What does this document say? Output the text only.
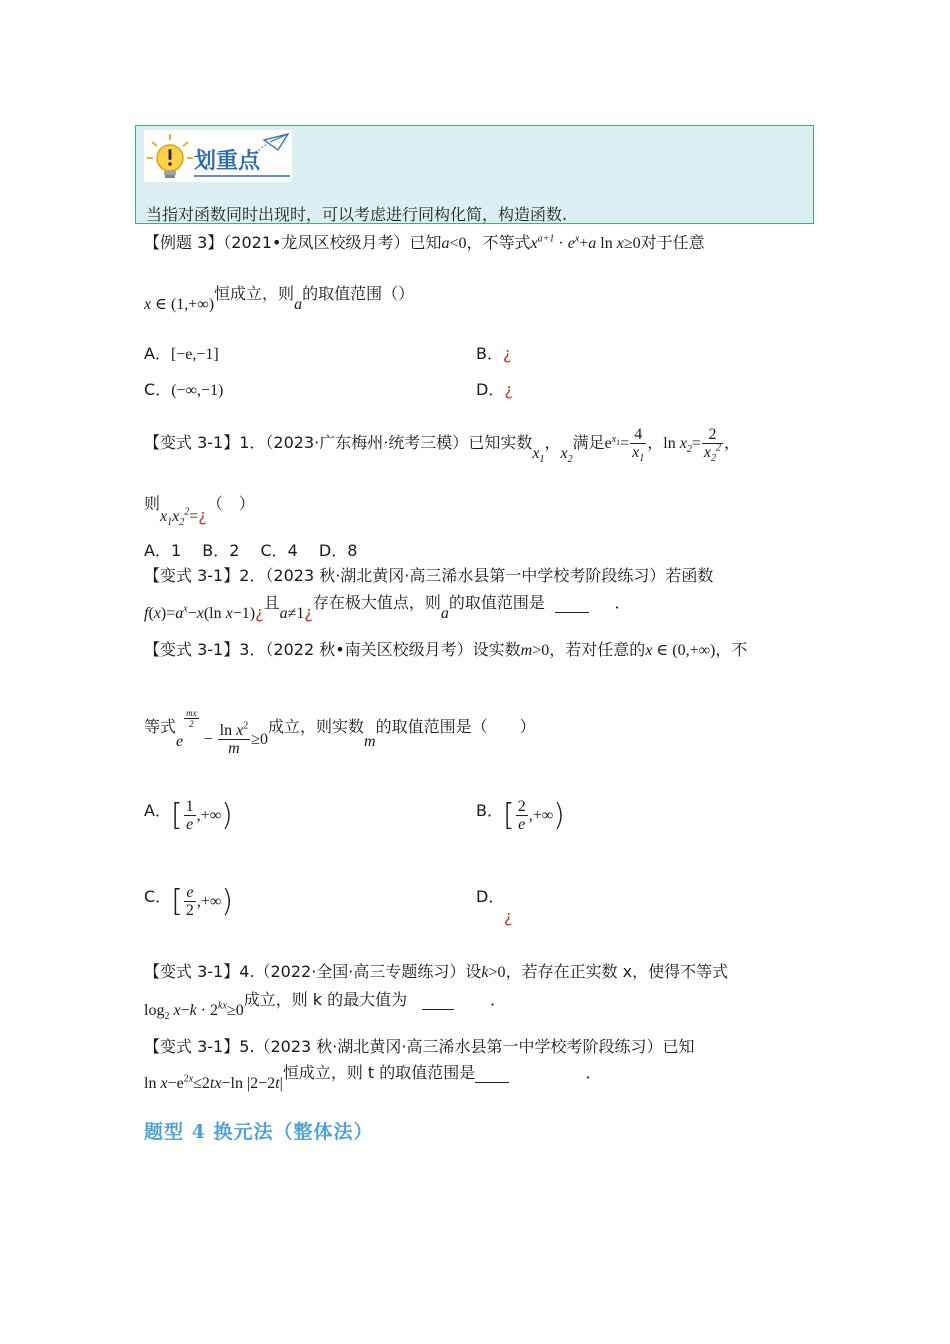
划重点
当指对函数同时出现时，可以考虑进行同构化简，构造函数.
【例题 3】（2021•龙凤区校级月考）已知a<0，不等式$x^{a+1} \cdot e^x+a$ ln x≥0对于任意
x ∈ (1,+∞)恒成立，则a的取值范围（）
A．[−e,−1]	B．¿
C．(−∞,−1)	D．¿
【变式 3-1】1．（2023·广东梅州·统考三模）已知实数$x_1$，$x_2$满足$e^{x_1}= \frac{4}{x_1}$ ，$\ln x_2= \frac{2}{x_2^2}$ ，
则$x_1x_2^2=¿$（　）
A．1　 B．2　 C．4　 D．8
【变式 3-1】2．（2023 秋·湖北黄冈·高三浠水县第一中学校考阶段练习）若函数
$f(x)=a^x-x(\ln$ x−1)¿且a≠1¿存在极大值点，则a的取值范围是	．
【变式 3-1】3．（2022 秋•南关区校级月考）设实数m>0，若对任意的x ∈ (0,+∞)，不
等式e
$\frac{mx}{2}$
− $\frac{\ln x^2}{m} \ge 0$成立，则实数m的取值范围是（　　）
A．[ $\frac{1}{e}$ ,+∞)	B．[ $\frac{2}{e}$ ,+∞)
C．[ $\frac{e}{2}$ ,+∞)	D．
¿
【变式 3-1】4.（2022·全国·高三专题练习）设k>0，若存在正实数 x，使得不等式
$\log_2 x-k \cdot 2^{kx}\ge 0$成立，则 k 的最大值为	．
【变式 3-1】5.（2023 秋·湖北黄冈·高三浠水县第一中学校考阶段练习）已知
$\ln x-e^{2x}\le 2tx-\ln$ |2−2t|恒成立，则 t 的取值范围是	．
题型 4 换元法（整体法）
